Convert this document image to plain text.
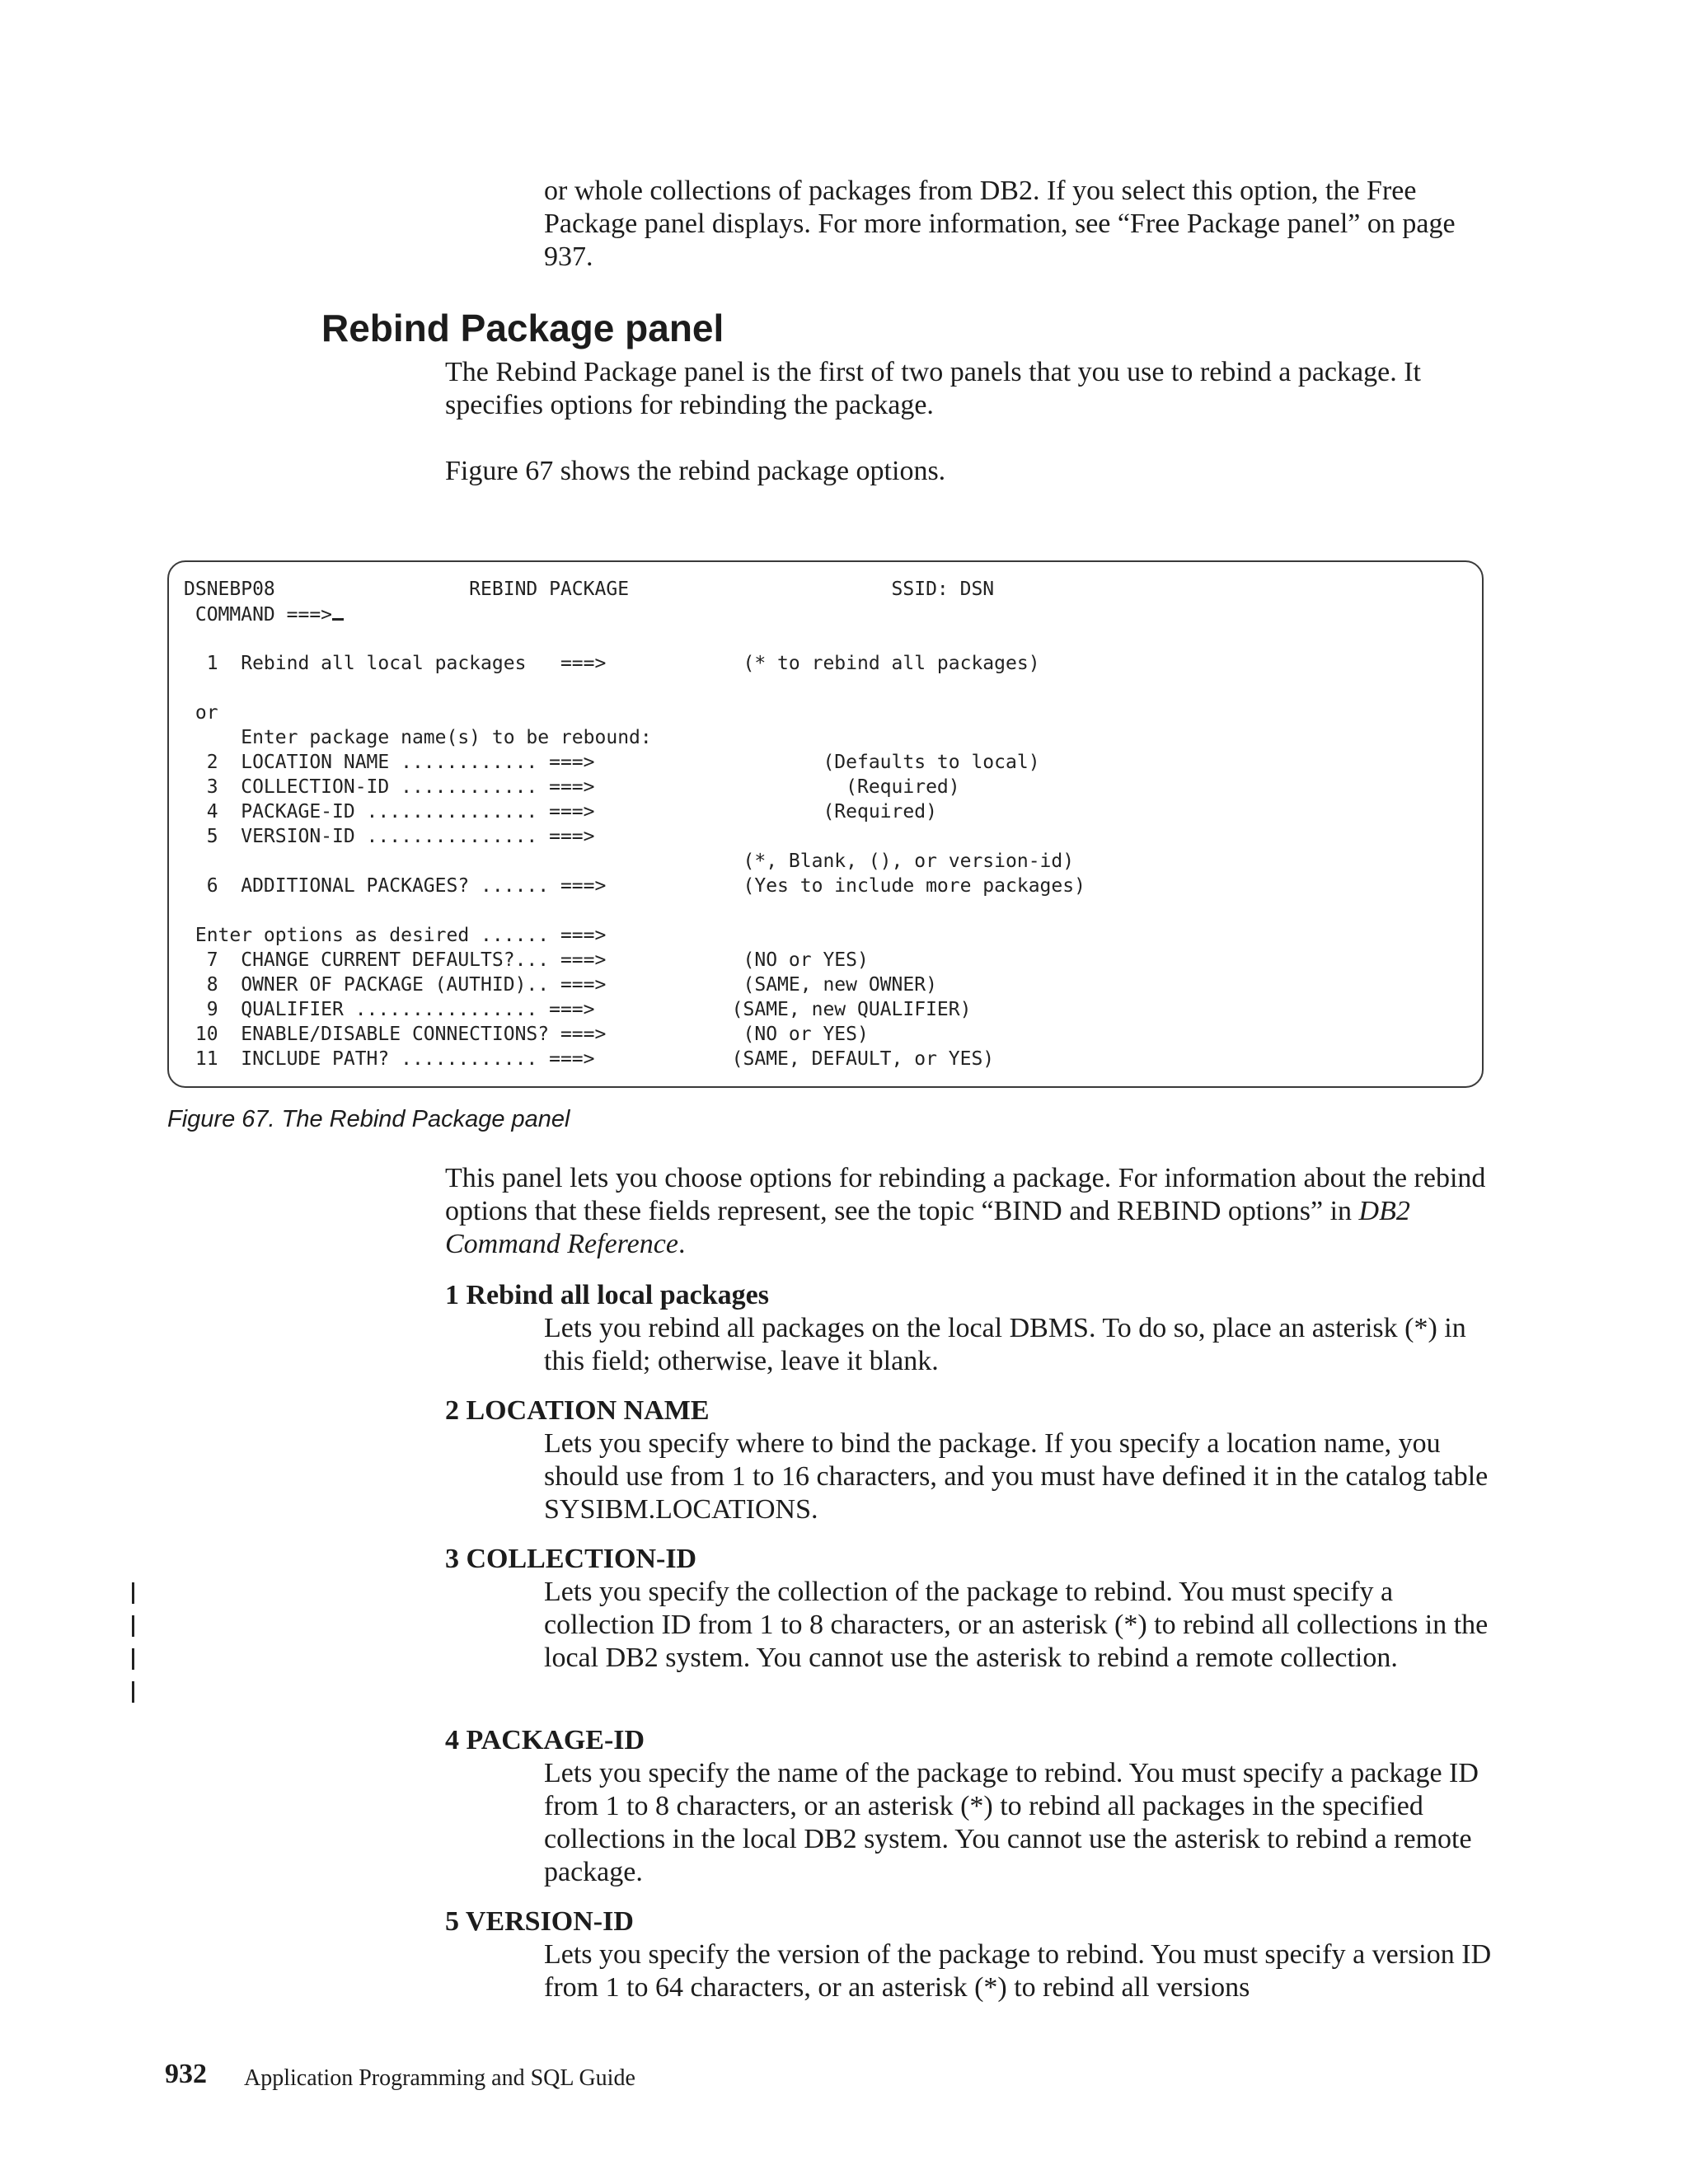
or whole collections of packages from DB2. If you select this option, the Free Package panel displays. For more information, see “Free Package panel” on page 937.

Rebind Package panel

The Rebind Package panel is the first of two panels that you use to rebind a package. It specifies options for rebinding the package.

Figure 67 shows the rebind package options.

DSNEBP08                 REBIND PACKAGE                       SSID: DSN
COMMAND ===>
1  Rebind all local packages   ===>            (* to rebind all packages)
or
Enter package name(s) to be rebound:
2  LOCATION NAME ............ ===>                    (Defaults to local)
3  COLLECTION-ID ............ ===>                      (Required)
4  PACKAGE-ID ............... ===>                    (Required)
5  VERSION-ID ............... ===>
(*, Blank, (), or version-id)
6  ADDITIONAL PACKAGES? ...... ===>            (Yes to include more packages)
Enter options as desired ...... ===>
7  CHANGE CURRENT DEFAULTS?... ===>            (NO or YES)
8  OWNER OF PACKAGE (AUTHID).. ===>            (SAME, new OWNER)
9  QUALIFIER ................ ===>            (SAME, new QUALIFIER)
10  ENABLE/DISABLE CONNECTIONS? ===>            (NO or YES)
11  INCLUDE PATH? ............ ===>            (SAME, DEFAULT, or YES)

Figure 67. The Rebind Package panel

This panel lets you choose options for rebinding a package. For information about the rebind options that these fields represent, see the topic “BIND and REBIND options” in DB2 Command Reference.

1 Rebind all local packages

Lets you rebind all packages on the local DBMS. To do so, place an asterisk (*) in this field; otherwise, leave it blank.

2 LOCATION NAME

Lets you specify where to bind the package. If you specify a location name, you should use from 1 to 16 characters, and you must have defined it in the catalog table SYSIBM.LOCATIONS.

3 COLLECTION-ID

Lets you specify the collection of the package to rebind. You must specify a collection ID from 1 to 8 characters, or an asterisk (*) to rebind all collections in the local DB2 system. You cannot use the asterisk to rebind a remote collection.

4 PACKAGE-ID

Lets you specify the name of the package to rebind. You must specify a package ID from 1 to 8 characters, or an asterisk (*) to rebind all packages in the specified collections in the local DB2 system. You cannot use the asterisk to rebind a remote package.

5 VERSION-ID

Lets you specify the version of the package to rebind. You must specify a version ID from 1 to 64 characters, or an asterisk (*) to rebind all versions

932 Application Programming and SQL Guide
